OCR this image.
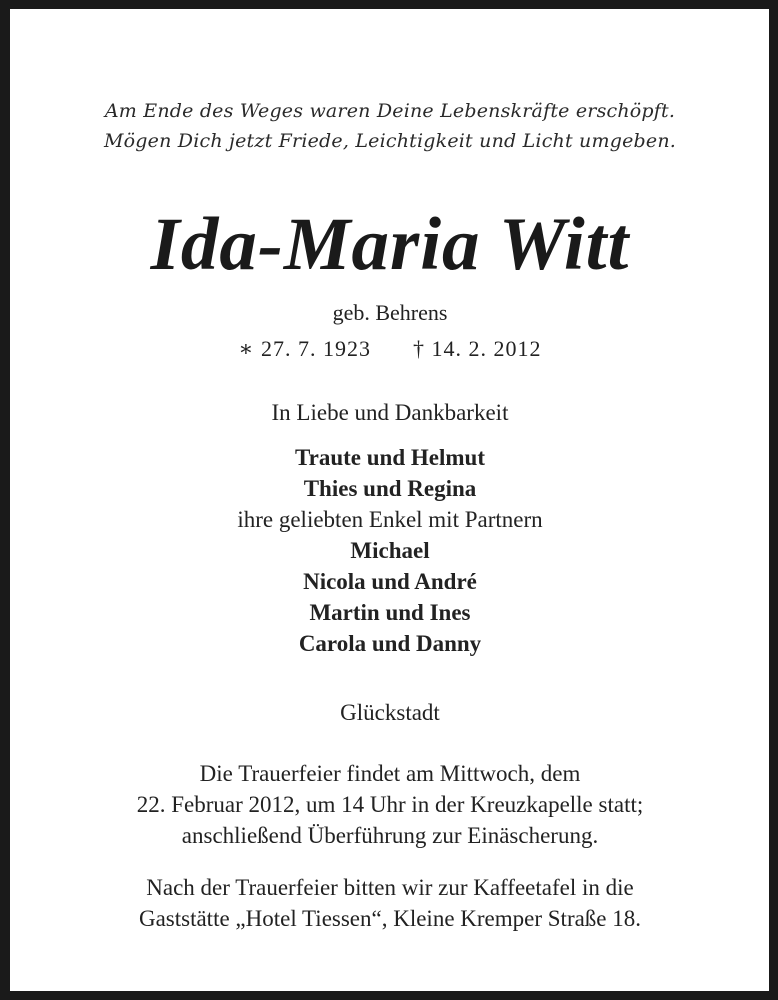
Am Ende des Weges waren Deine Lebenskräfte erschöpft.
Mögen Dich jetzt Friede, Leichtigkeit und Licht umgeben.
Ida-Maria Witt
geb. Behrens
∗ 27. 7. 1923 † 14. 2. 2012
In Liebe und Dankbarkeit
Traute und Helmut
Thies und Regina
ihre geliebten Enkel mit Partnern
Michael
Nicola und André
Martin und Ines
Carola und Danny
Glückstadt
Die Trauerfeier findet am Mittwoch, dem
22. Februar 2012, um 14 Uhr in der Kreuzkapelle statt;
anschließend Überführung zur Einäscherung.
Nach der Trauerfeier bitten wir zur Kaffeetafel in die
Gaststätte „Hotel Tiessen“, Kleine Kremper Straße 18.
